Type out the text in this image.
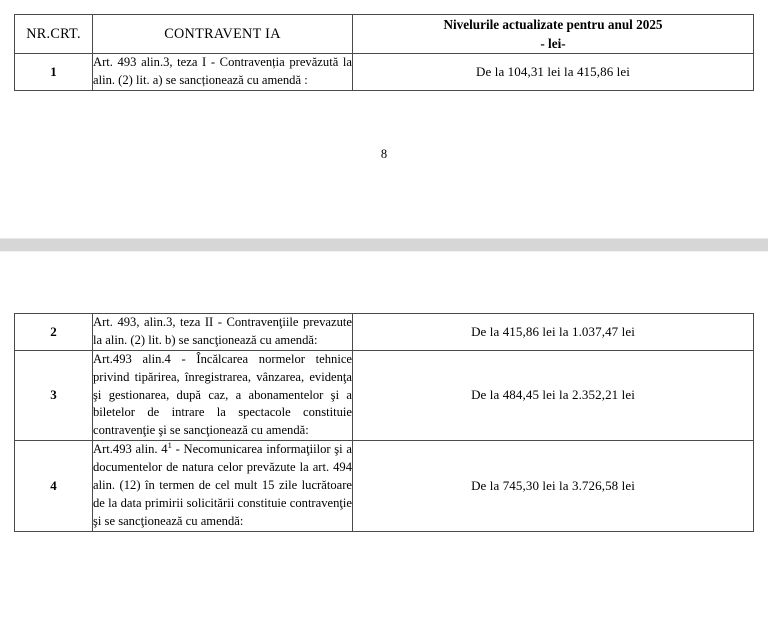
NR.CRT.	CONTRAVENT IA	Nivelurile actualizate pentru anul 2025
- lei-

1	Art. 493 alin.3, teza I - Contravenția prevăzută la alin. (2) lit. a) se sancționează cu amendă :	De la 104,31 lei la 415,86 lei
8
2	Art. 493, alin.3, teza II - Contravenţiile prevazute la alin. (2) lit. b) se sancţionează cu amendă:	De la 415,86 lei la 1.037,47 lei
3	Art.493 alin.4 - Încălcarea normelor tehnice privind tipărirea, înregistrarea, vânzarea, evidenţa şi gestionarea, după caz, a abonamentelor şi a biletelor de intrare la spectacole constituie contravenţie şi se sancţionează cu amendă:	De la 484,45 lei la 2.352,21 lei
4	Art.493 alin. $4^1$ - Necomunicarea informaţiilor şi a documentelor de natura celor prevăzute la art. 494 alin. (12) în termen de cel mult 15 zile lucrătoare de la data primirii solicitării constituie contravenţie şi se sancţionează cu amendă:	De la 745,30 lei la 3.726,58 lei
